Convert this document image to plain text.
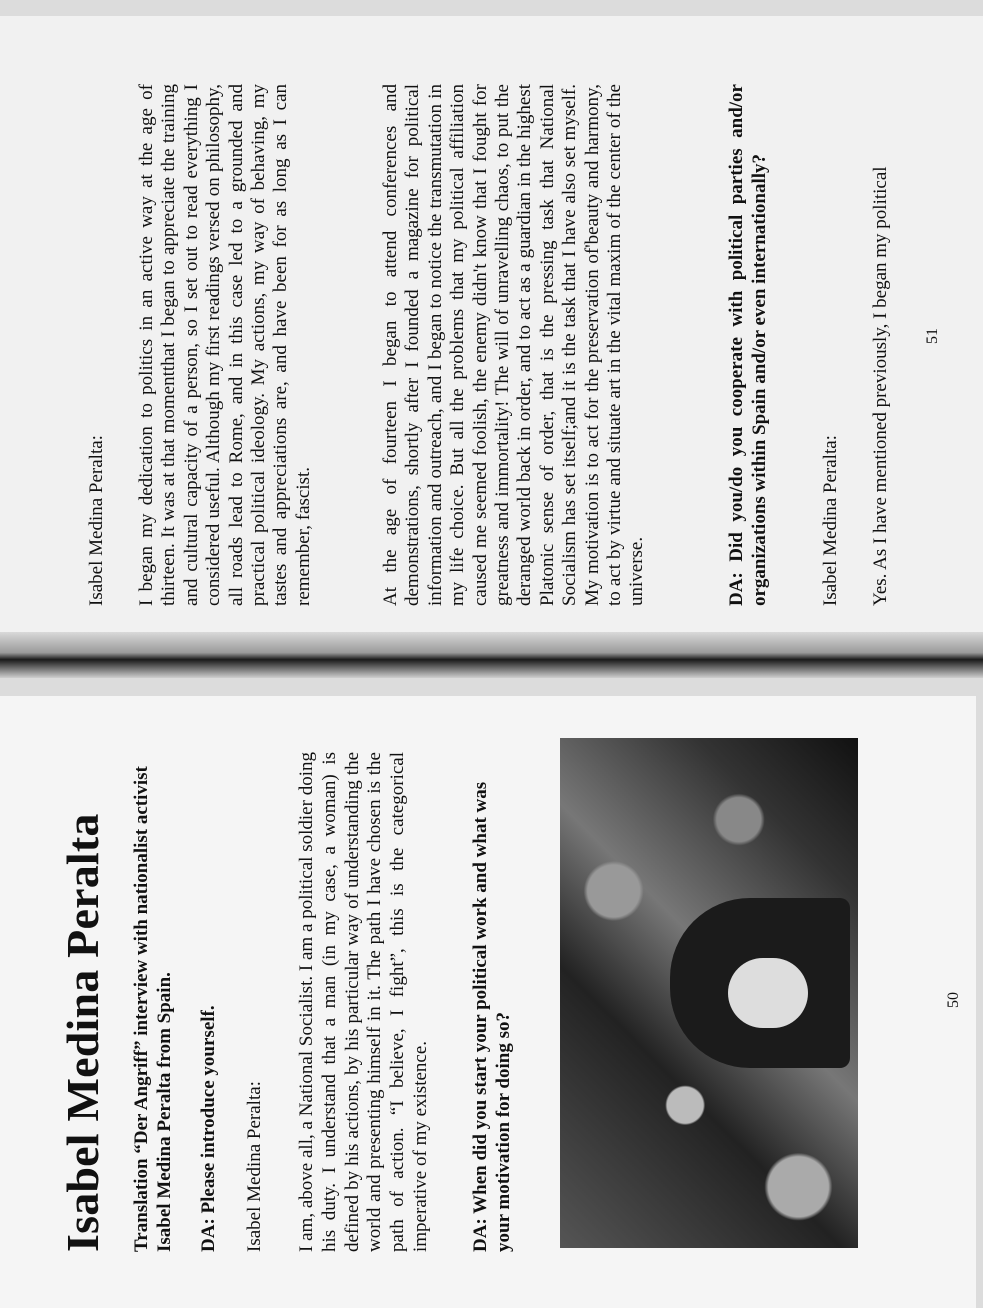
Isabel Medina Peralta: I began my dedication to politics in an active way at the age of thirteen. It was at that momentthat I began to appreciate the training and cultural capacity of a person, so I set out to read everything I considered useful. Although my first readings versed on philosophy, all roads lead to Rome, and in this case led to a grounded and practical political ideology. My actions, my way of behaving, my tastes and appreciations are, and have been for as long as I can remember, fascist.	At the age of fourteen I began to attend conferences and demonstrations, shortly after I founded a magazine for political information and outreach, and I began to notice the transmutation in my life choice. But all the problems that my political affiliation caused me seemed foolish, the enemy didn't know that I fought for greatness and immortality! The will of unravelling chaos, to put the deranged world back in order, and to act as a guardian in the highest Platonic sense of order, that is the pressing task that National Socialism has set itself;and it is the task that I have also set myself. My motivation is to act for the preservation of'beauty and harmony, to act by virtue and situate art in the vital maxim of the center of the universe.	DA: Did you/do you cooperate with political parties and/or organizations within Spain and/or even internationally?	Isabel Medina Peralta: Yes. As I have mentioned previously, I began my political 51
Isabel Medina Peralta Translation “Der Angriff” interview with nationalist activist Isabel Medina Peralta from Spain. DA: Please introduce yourself. Isabel Medina Peralta: I am, above all, a National Socialist. I am a political soldier doing his duty. I understand that a man (in my case, a woman) is defined by his actions, by his particular way of understanding the world and presenting himself in it. The path I have chosen is the path of action. “I believe, I fight”, this is the categorical imperative of my existence. DA: When did you start your political work and what was your motivation for doing so?
50
